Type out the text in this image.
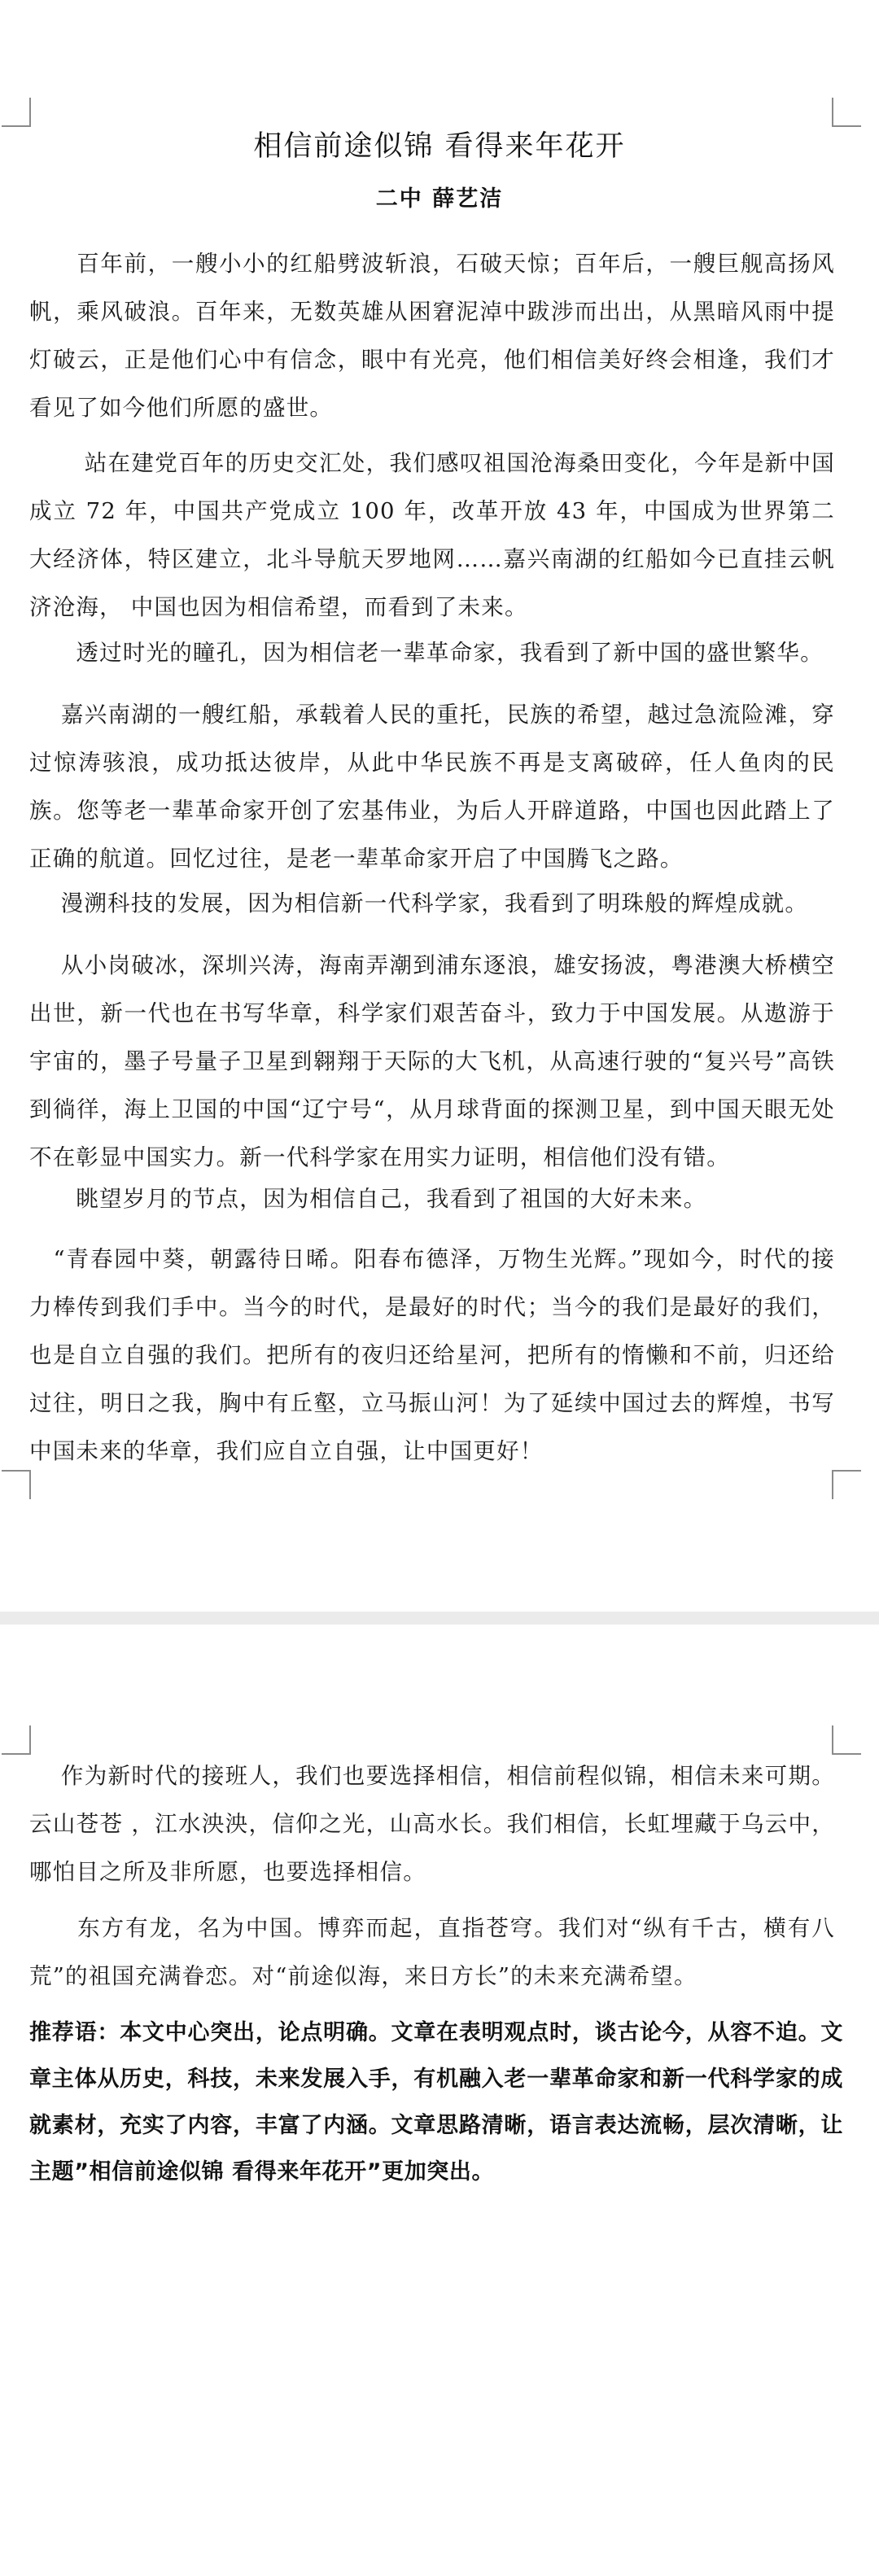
相信前途似锦 看得来年花开
二中 薛艺洁

　　百年前，一艘小小的红船劈波斩浪，石破天惊；百年后，一艘巨舰高扬风帆，乘风破浪。百年来，无数英雄从困窘泥淖中跋涉而出出，从黑暗风雨中提灯破云，正是他们心中有信念，眼中有光亮，他们相信美好终会相逢，我们才看见了如今他们所愿的盛世。

　　 站在建党百年的历史交汇处，我们感叹祖国沧海桑田变化，今年是新中国成立 72 年，中国共产党成立 100 年，改革开放 43 年，中国成为世界第二大经济体，特区建立，北斗导航天罗地网……嘉兴南湖的红船如今已直挂云帆济沧海， 中国也因为相信希望，而看到了未来。

　　透过时光的瞳孔，因为相信老一辈革命家，我看到了新中国的盛世繁华。

　 嘉兴南湖的一艘红船，承载着人民的重托，民族的希望，越过急流险滩，穿过惊涛骇浪，成功抵达彼岸，从此中华民族不再是支离破碎，任人鱼肉的民族。您等老一辈革命家开创了宏基伟业，为后人开辟道路，中国也因此踏上了正确的航道。回忆过往，是老一辈革命家开启了中国腾飞之路。

　 漫溯科技的发展，因为相信新一代科学家，我看到了明珠般的辉煌成就。

　 从小岗破冰，深圳兴涛，海南弄潮到浦东逐浪，雄安扬波，粤港澳大桥横空出世，新一代也在书写华章，科学家们艰苦奋斗，致力于中国发展。从遨游于宇宙的，墨子号量子卫星到翱翔于天际的大飞机，从高速行驶的“复兴号”高铁到徜徉，海上卫国的中国“辽宁号“，从月球背面的探测卫星，到中国天眼无处不在彰显中国实力。新一代科学家在用实力证明，相信他们没有错。

　　眺望岁月的节点，因为相信自己，我看到了祖国的大好未来。

　“青春园中葵，朝露待日晞。阳春布德泽，万物生光辉。”现如今，时代的接力棒传到我们手中。当今的时代，是最好的时代；当今的我们是最好的我们，也是自立自强的我们。把所有的夜归还给星河，把所有的惰懒和不前，归还给过往，明日之我，胸中有丘壑，立马振山河！为了延续中国过去的辉煌，书写中国未来的华章，我们应自立自强，让中国更好！

　 作为新时代的接班人，我们也要选择相信，相信前程似锦，相信未来可期。云山苍苍 ，江水泱泱，信仰之光，山高水长。我们相信，长虹埋藏于乌云中，哪怕目之所及非所愿，也要选择相信。

　　东方有龙，名为中国。博弈而起，直指苍穹。我们对“纵有千古，横有八荒”的祖国充满眷恋。对“前途似海，来日方长”的未来充满希望。

推荐语：本文中心突出，论点明确。文章在表明观点时，谈古论今，从容不迫。文章主体从历史，科技，未来发展入手，有机融入老一辈革命家和新一代科学家的成就素材，充实了内容，丰富了内涵。文章思路清晰，语言表达流畅，层次清晰，让主题”相信前途似锦 看得来年花开”更加突出。
